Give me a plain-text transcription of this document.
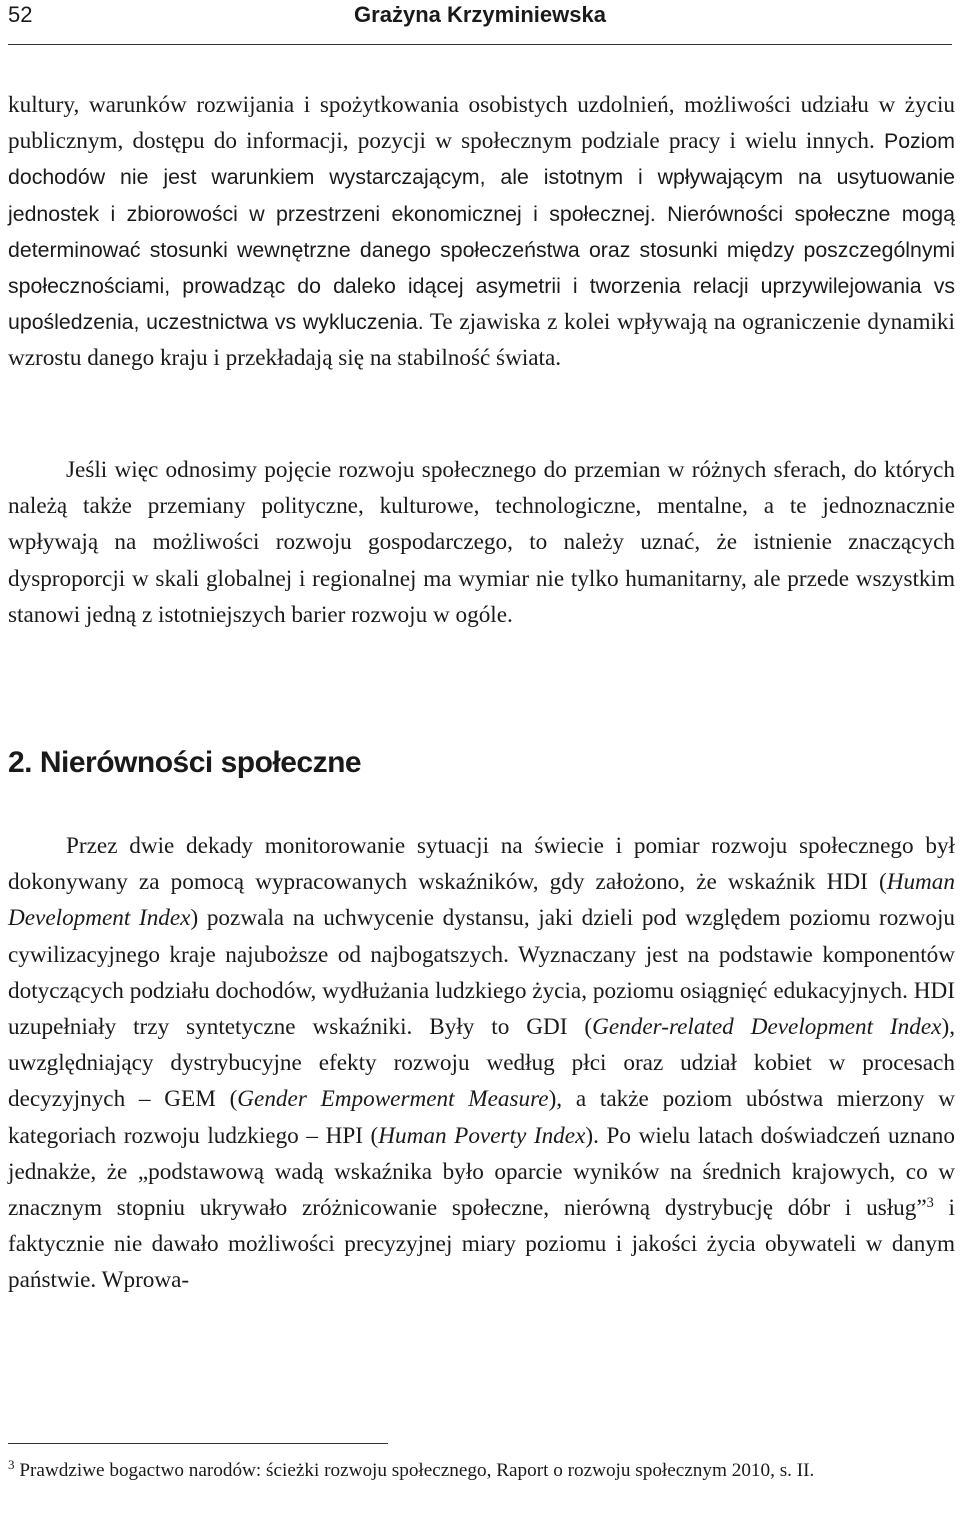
52	Grażyna Krzyminiewska

kultury, warunków rozwijania i spożytkowania osobistych uzdolnień, możliwości udziału w życiu publicznym, dostępu do informacji, pozycji w społecznym podziale pracy i wielu innych. Poziom dochodów nie jest warunkiem wystarczającym, ale istotnym i wpływającym na usytuowanie jednostek i zbiorowości w przestrzeni ekonomicznej i społecznej. Nierówności społeczne mogą determinować stosunki wewnętrzne danego społeczeństwa oraz stosunki między poszczególnymi społecznościami, prowadząc do daleko idącej asymetrii i tworzenia relacji uprzywilejowania vs upośledzenia, uczestnictwa vs wykluczenia. Te zjawiska z kolei wpływają na ograniczenie dynamiki wzrostu danego kraju i przekładają się na stabilność świata.

Jeśli więc odnosimy pojęcie rozwoju społecznego do przemian w różnych sferach, do których należą także przemiany polityczne, kulturowe, technologiczne, mentalne, a te jednoznacznie wpływają na możliwości rozwoju gospodarczego, to należy uznać, że istnienie znaczących dysproporcji w skali globalnej i regionalnej ma wymiar nie tylko humanitarny, ale przede wszystkim stanowi jedną z istotniejszych barier rozwoju w ogóle.

2. Nierówności społeczne

Przez dwie dekady monitorowanie sytuacji na świecie i pomiar rozwoju społecznego był dokonywany za pomocą wypracowanych wskaźników, gdy założono, że wskaźnik HDI (Human Development Index) pozwala na uchwycenie dystansu, jaki dzieli pod względem poziomu rozwoju cywilizacyjnego kraje najuboższe od najbogatszych. Wyznaczany jest na podstawie komponentów dotyczących podziału dochodów, wydłużania ludzkiego życia, poziomu osiągnięć edukacyjnych. HDI uzupełniały trzy syntetyczne wskaźniki. Były to GDI (Gender-related Development Index), uwzględniający dystrybucyjne efekty rozwoju według płci oraz udział kobiet w procesach decyzyjnych – GEM (Gender Empowerment Measure), a także poziom ubóstwa mierzony w kategoriach rozwoju ludzkiego – HPI (Human Poverty Index). Po wielu latach doświadczeń uznano jednakże, że „podstawową wadą wskaźnika było oparcie wyników na średnich krajowych, co w znacznym stopniu ukrywało zróżnicowanie społeczne, nierówną dystrybucję dóbr i usług”$^3$ i faktycznie nie dawało możliwości precyzyjnej miary poziomu i jakości życia obywateli w danym państwie. Wprowa-

$^3$ Prawdziwe bogactwo narodów: ścieżki rozwoju społecznego, Raport o rozwoju społecznym 2010, s. II.
